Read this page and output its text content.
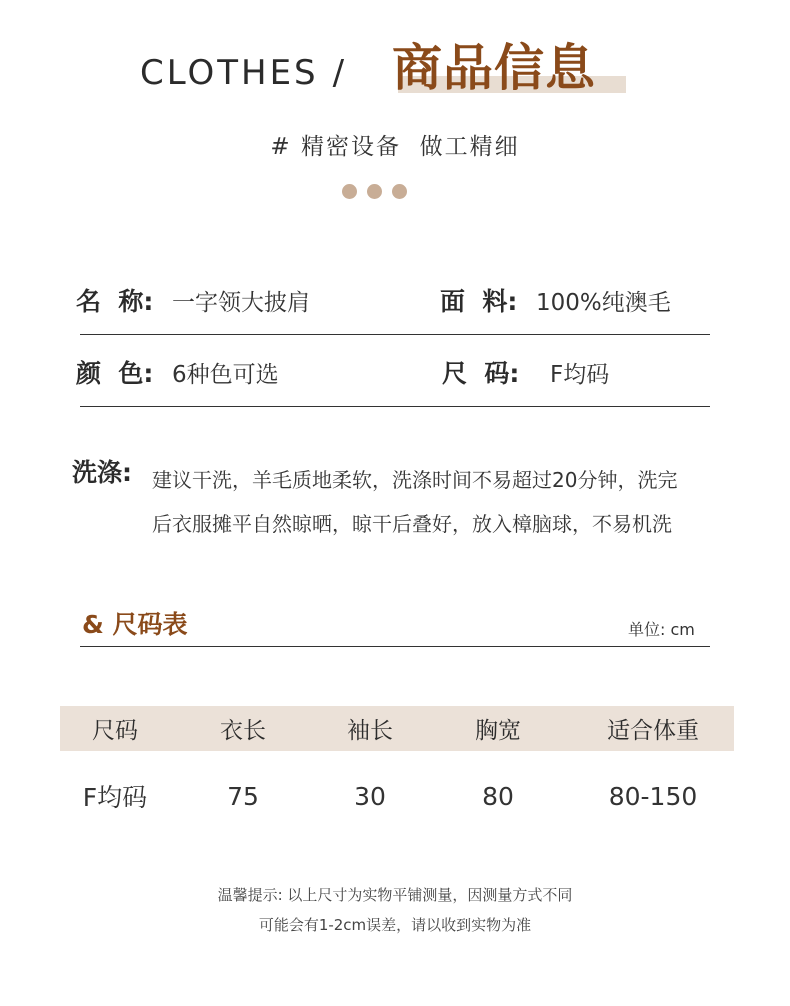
CLOTHES / 商品信息
# 精密设备  做工精细
名  称: 一字领大披肩	面  料: 100%纯澳毛
颜  色: 6种色可选	尺  码: F均码
洗涤: 建议干洗，羊毛质地柔软，洗涤时间不易超过20分钟，洗完
后衣服摊平自然晾晒，晾干后叠好，放入樟脑球，不易机洗
& 尺码表	单位: cm
尺码	衣长	袖长	胸宽	适合体重
F均码	75	30	80	80-150
温馨提示: 以上尺寸为实物平铺测量，因测量方式不同
可能会有1-2cm误差，请以收到实物为准
